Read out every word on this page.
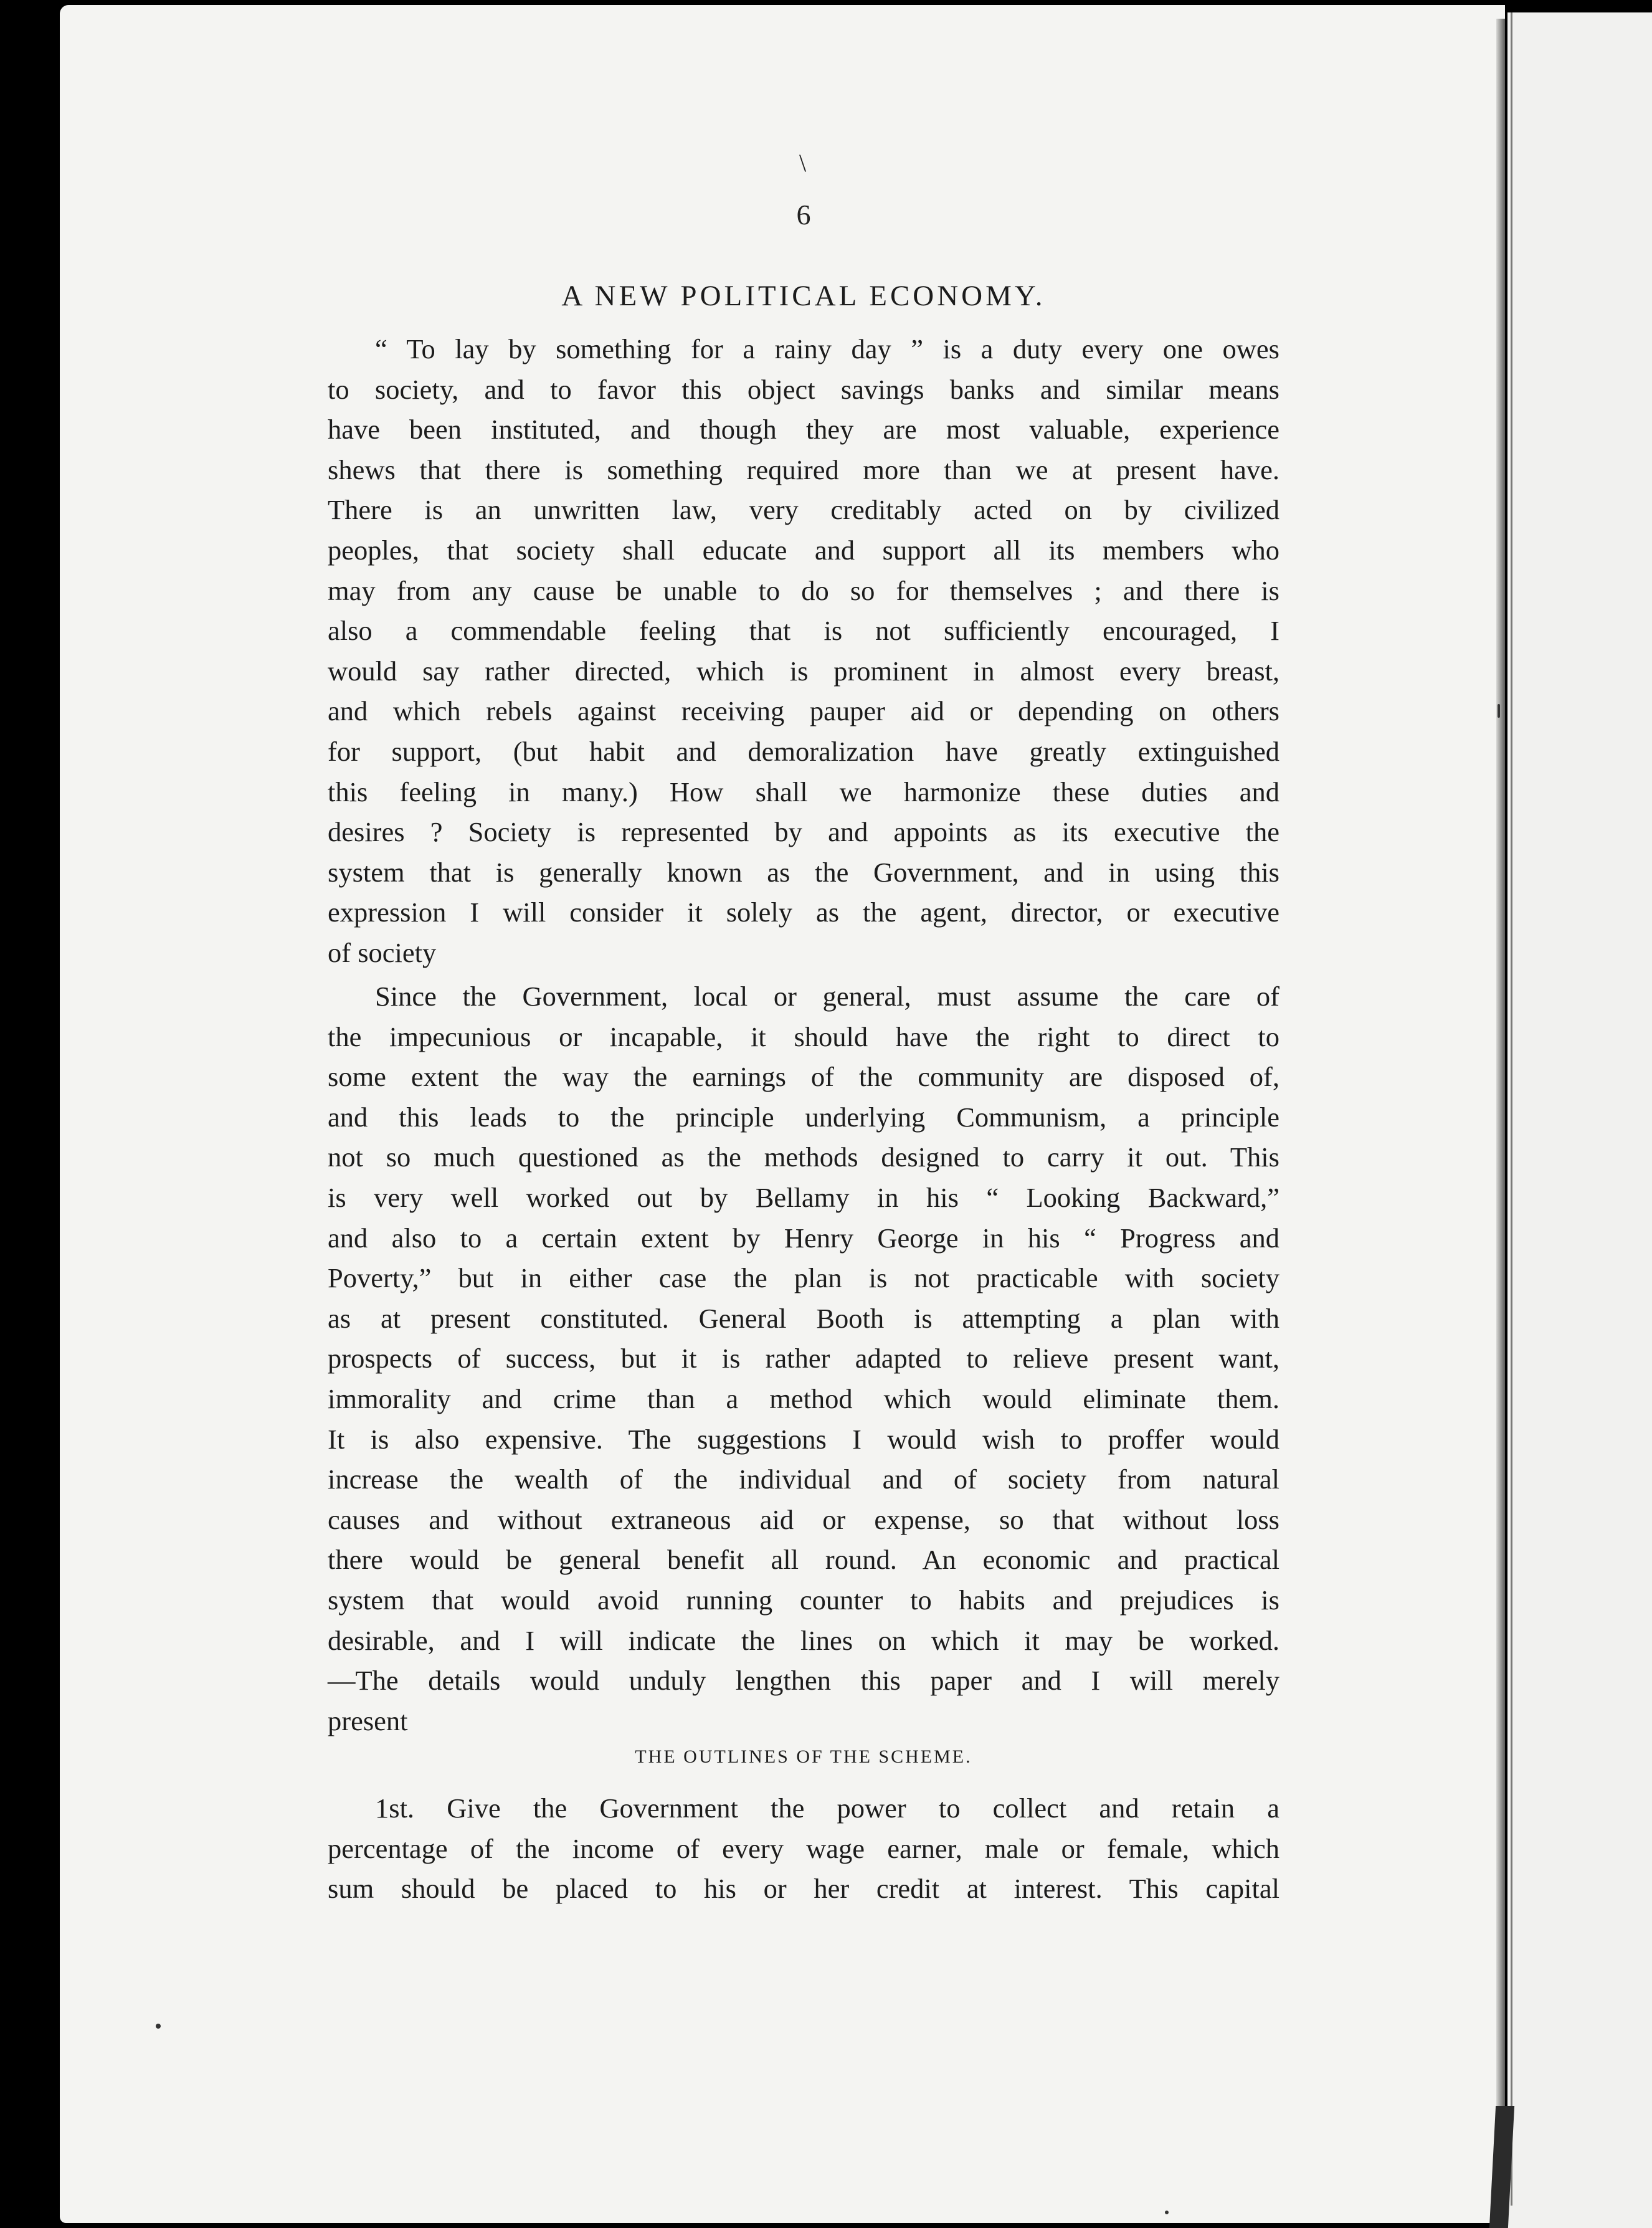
\
6
A NEW POLITICAL ECONOMY.
“ To lay by something for a rainy day ” is a duty every one owes
to society, and to favor this object savings banks and similar means
have been instituted, and though they are most valuable, experience
shews that there is something required more than we at present have.
There is an unwritten law, very creditably acted on by civilized
peoples, that society shall educate and support all its members who
may from any cause be unable to do so for themselves ; and there is
also a commendable feeling that is not sufficiently encouraged, I
would say rather directed, which is prominent in almost every breast,
and which rebels against receiving pauper aid or depending on others
for support, (but habit and demoralization have greatly extinguished
this feeling in many.) How shall we harmonize these duties and
desires ? Society is represented by and appoints as its executive the
system that is generally known as the Government, and in using this
expression I will consider it solely as the agent, director, or executive
of society
Since the Government, local or general, must assume the care of
the impecunious or incapable, it should have the right to direct to
some extent the way the earnings of the community are disposed of,
and this leads to the principle underlying Communism, a principle
not so much questioned as the methods designed to carry it out. This
is very well worked out by Bellamy in his “ Looking Backward,”
and also to a certain extent by Henry George in his “ Progress and
Poverty,” but in either case the plan is not practicable with society
as at present constituted. General Booth is attempting a plan with
prospects of success, but it is rather adapted to relieve present want,
immorality and crime than a method which would eliminate them.
It is also expensive. The suggestions I would wish to proffer would
increase the wealth of the individual and of society from natural
causes and without extraneous aid or expense, so that without loss
there would be general benefit all round. An economic and practical
system that would avoid running counter to habits and prejudices is
desirable, and I will indicate the lines on which it may be worked.
—The details would unduly lengthen this paper and I will merely
present
THE OUTLINES OF THE SCHEME.
1st. Give the Government the power to collect and retain a
percentage of the income of every wage earner, male or female, which
sum should be placed to his or her credit at interest. This capital
